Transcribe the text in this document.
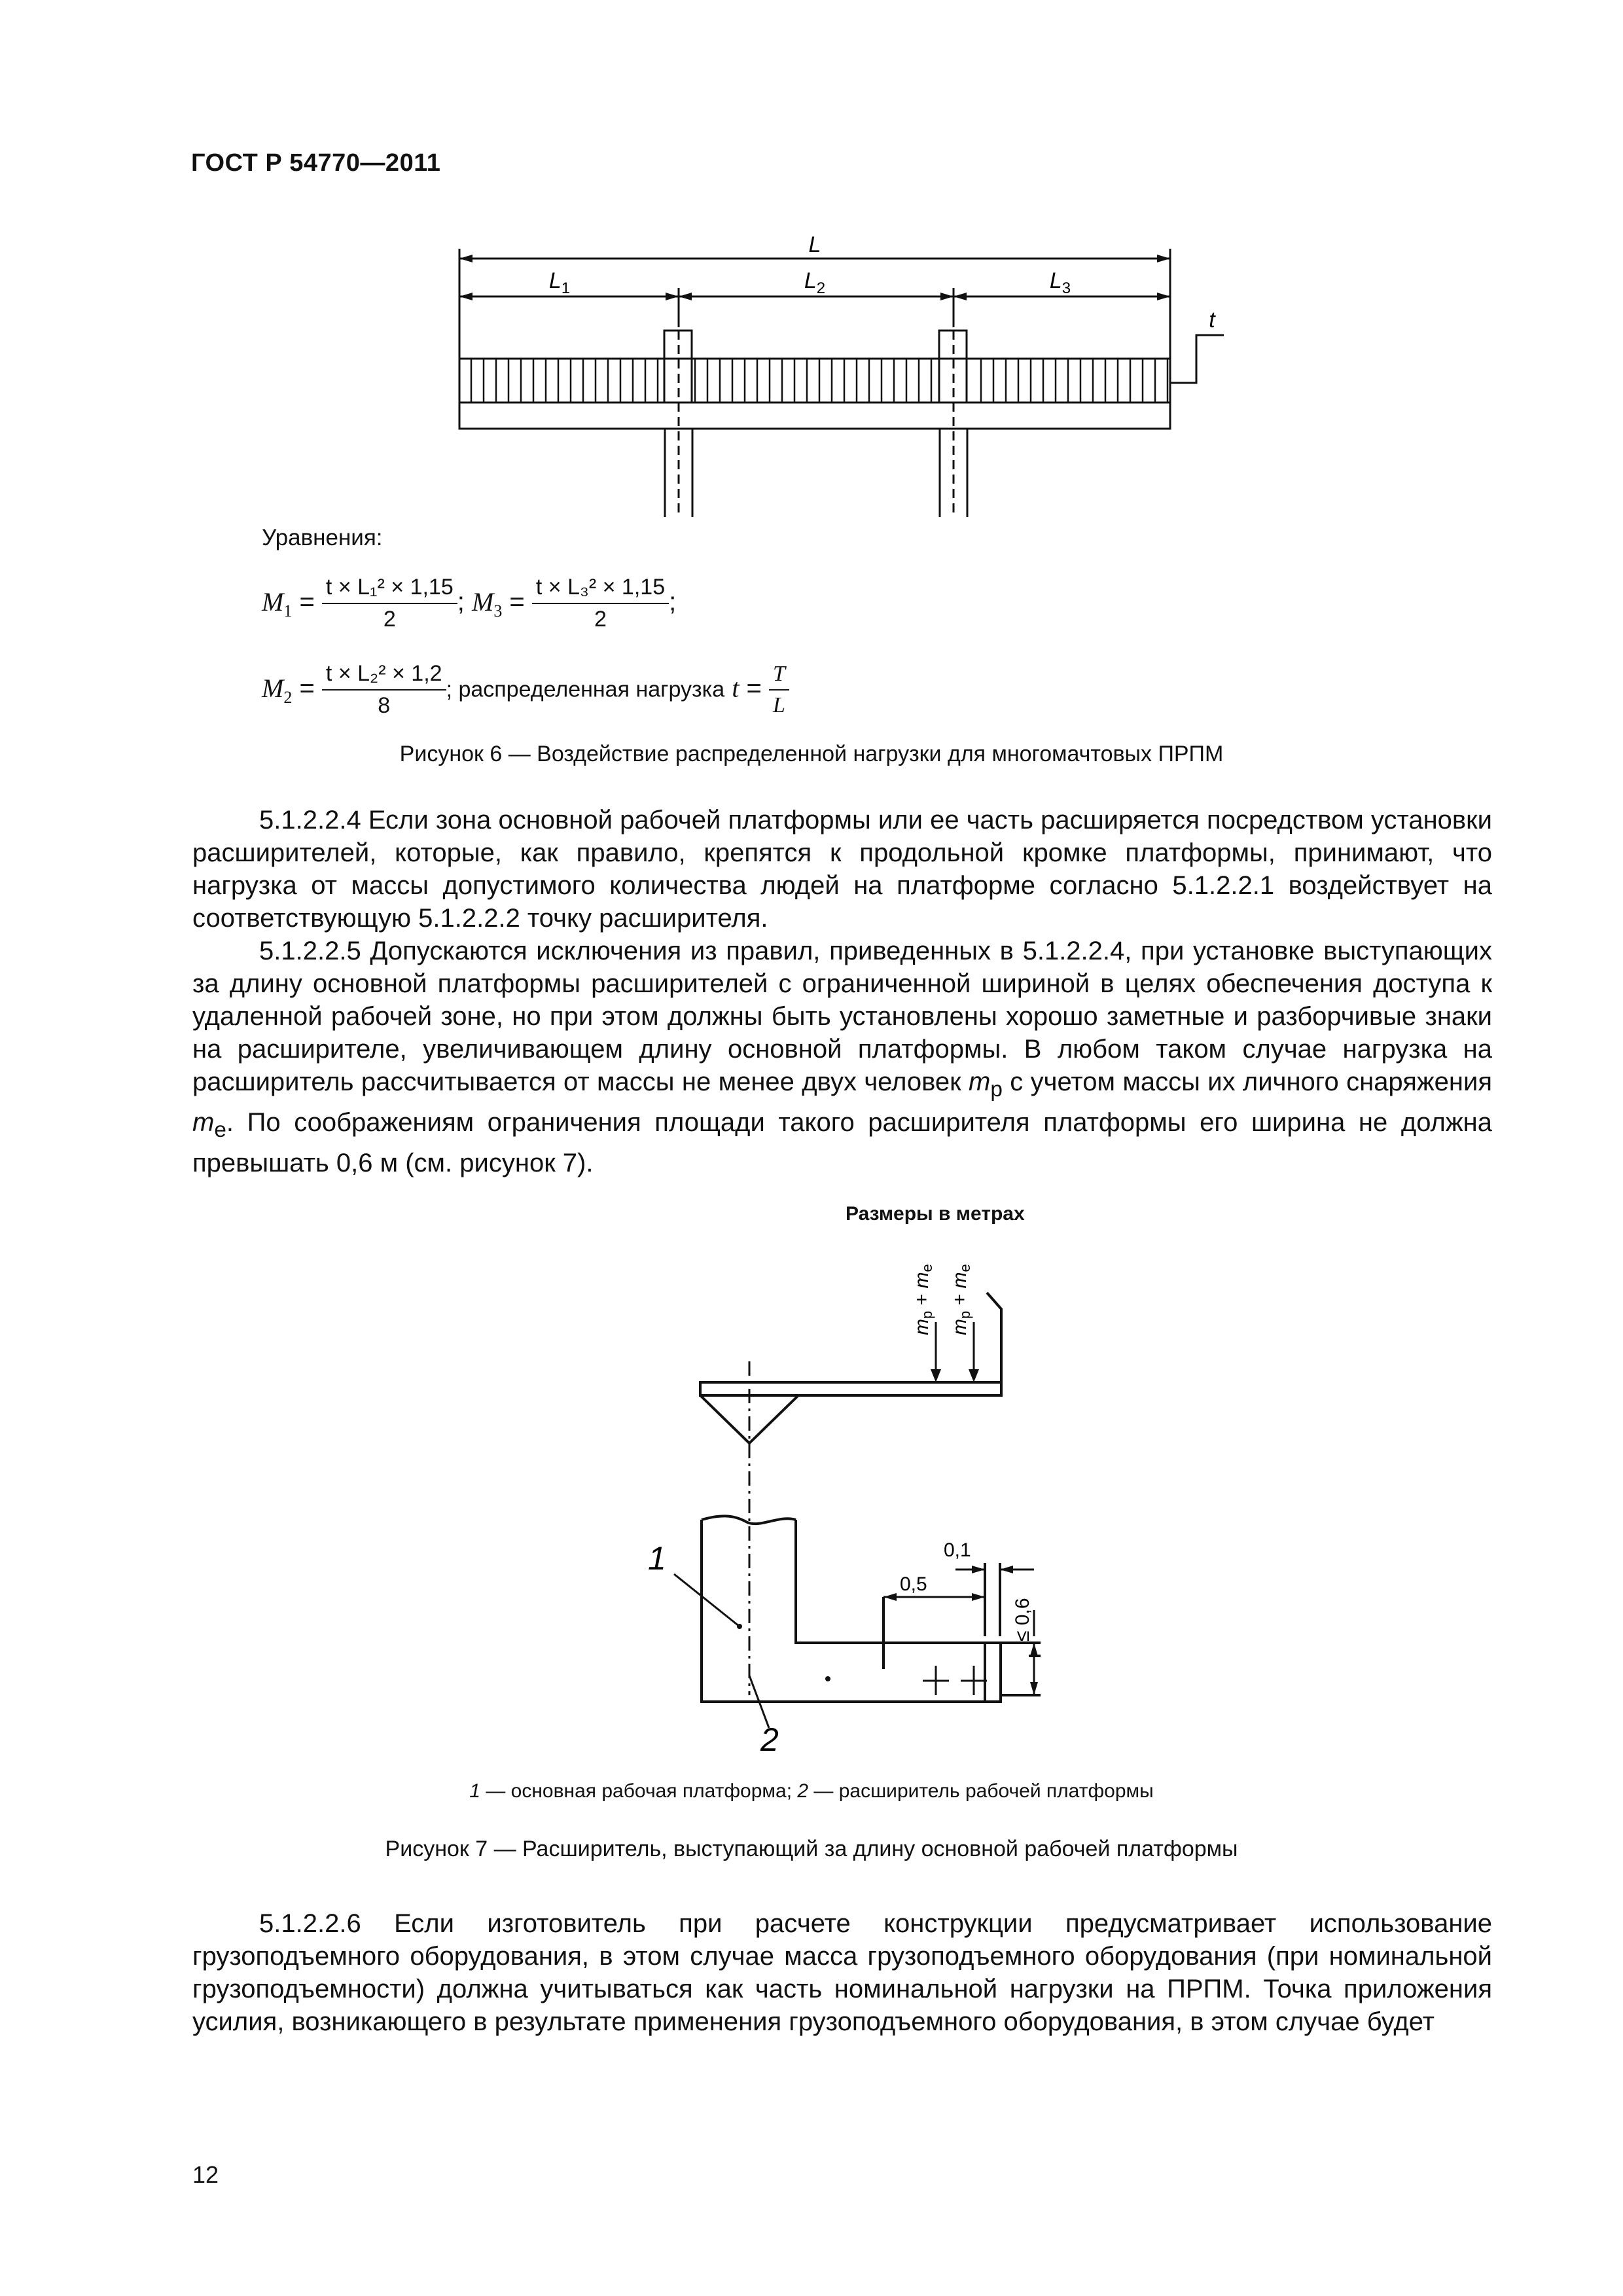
ГОСТ Р 54770—2011
L
$L_1$	$L_2$	$L_3$
t
Уравнения:
$M_1 = \frac{\text{t × L₁² × 1,15}}{2}$ ; $M_3 = \frac{\text{t × L₃² × 1,15}}{2}$ ;
$M_2 = \frac{\text{t × L₂² × 1,2}}{8}$ ; распределенная нагрузка $t = \frac{T}{L}$
Рисунок 6 — Воздействие распределенной нагрузки для многомачтовых ПРПМ

5.1.2.2.4 Если зона основной рабочей платформы или ее часть расширяется посредством установки расширителей, которые, как правило, крепятся к продольной кромке платформы, принимают, что нагрузка от массы допустимого количества людей на платформе согласно 5.1.2.2.1 воздействует на соответствующую 5.1.2.2.2 точку расширителя.

5.1.2.2.5 Допускаются исключения из правил, приведенных в 5.1.2.2.4, при установке выступающих за длину основной платформы расширителей с ограниченной шириной в целях обеспечения доступа к удаленной рабочей зоне, но при этом должны быть установлены хорошо заметные и разборчивые знаки на расширителе, увеличивающем длину основной платформы. В любом таком случае нагрузка на расширитель рассчитывается от массы не менее двух человек $m_p$ с учетом массы их личного снаряжения $m_e$. По соображениям ограничения площади такого расширителя платформы его ширина не должна превышать 0,6 м (см. рисунок 7).

Размеры в метрах
$m_p + m_e$
$m_p + m_e$
0,1
0,5
≤ 0,6
1
2
1 — основная рабочая платформа; 2 — расширитель рабочей платформы
Рисунок 7 — Расширитель, выступающий за длину основной рабочей платформы

5.1.2.2.6 Если изготовитель при расчете конструкции предусматривает использование грузоподъемного оборудования, в этом случае масса грузоподъемного оборудования (при номинальной грузоподъемности) должна учитываться как часть номинальной нагрузки на ПРПМ. Точка приложения усилия, возникающего в результате применения грузоподъемного оборудования, в этом случае будет

12
